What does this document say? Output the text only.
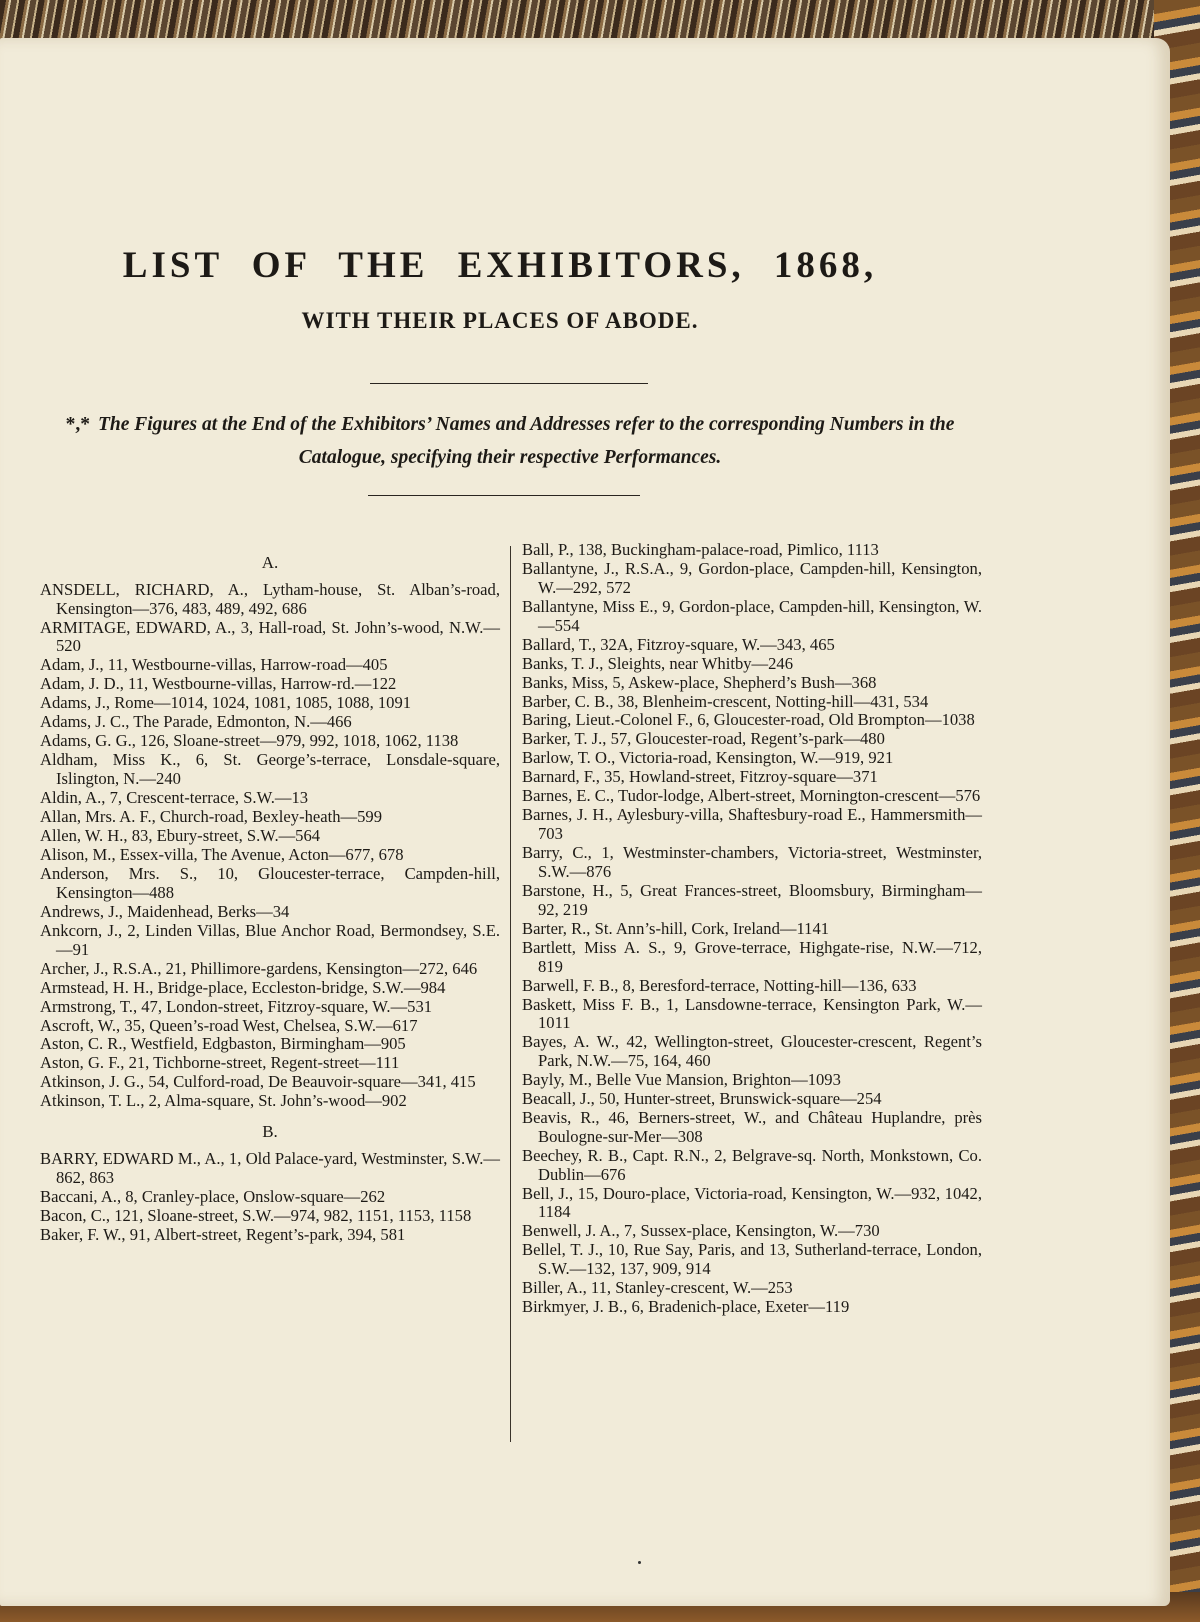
LIST OF THE EXHIBITORS, 1868,
WITH THEIR PLACES OF ABODE.
*,* The Figures at the End of the Exhibitors’ Names and Addresses refer to the corresponding Numbers in the Catalogue, specifying their respective Performances.
A.
ANSDELL, RICHARD, A., Lytham-house, St. Alban’s-road, Kensington—376, 483, 489, 492, 686
ARMITAGE, EDWARD, A., 3, Hall-road, St. John’s-wood, N.W.—520
Adam, J., 11, Westbourne-villas, Harrow-road—405
Adam, J. D., 11, Westbourne-villas, Harrow-rd.—122
Adams, J., Rome—1014, 1024, 1081, 1085, 1088, 1091
Adams, J. C., The Parade, Edmonton, N.—466
Adams, G. G., 126, Sloane-street—979, 992, 1018, 1062, 1138
Aldham, Miss K., 6, St. George’s-terrace, Lonsdale-square, Islington, N.—240
Aldin, A., 7, Crescent-terrace, S.W.—13
Allan, Mrs. A. F., Church-road, Bexley-heath—599
Allen, W. H., 83, Ebury-street, S.W.—564
Alison, M., Essex-villa, The Avenue, Acton—677, 678
Anderson, Mrs. S., 10, Gloucester-terrace, Campden-hill, Kensington—488
Andrews, J., Maidenhead, Berks—34
Ankcorn, J., 2, Linden Villas, Blue Anchor Road, Bermondsey, S.E.—91
Archer, J., R.S.A., 21, Phillimore-gardens, Kensington—272, 646
Armstead, H. H., Bridge-place, Eccleston-bridge, S.W.—984
Armstrong, T., 47, London-street, Fitzroy-square, W.—531
Ascroft, W., 35, Queen’s-road West, Chelsea, S.W.—617
Aston, C. R., Westfield, Edgbaston, Birmingham—905
Aston, G. F., 21, Tichborne-street, Regent-street—111
Atkinson, J. G., 54, Culford-road, De Beauvoir-square—341, 415
Atkinson, T. L., 2, Alma-square, St. John’s-wood—902
B.
BARRY, EDWARD M., A., 1, Old Palace-yard, Westminster, S.W.—862, 863
Baccani, A., 8, Cranley-place, Onslow-square—262
Bacon, C., 121, Sloane-street, S.W.—974, 982, 1151, 1153, 1158
Baker, F. W., 91, Albert-street, Regent’s-park, 394, 581
Ball, P., 138, Buckingham-palace-road, Pimlico, 1113
Ballantyne, J., R.S.A., 9, Gordon-place, Campden-hill, Kensington, W.—292, 572
Ballantyne, Miss E., 9, Gordon-place, Campden-hill, Kensington, W.—554
Ballard, T., 32A, Fitzroy-square, W.—343, 465
Banks, T. J., Sleights, near Whitby—246
Banks, Miss, 5, Askew-place, Shepherd’s Bush—368
Barber, C. B., 38, Blenheim-crescent, Notting-hill—431, 534
Baring, Lieut.-Colonel F., 6, Gloucester-road, Old Brompton—1038
Barker, T. J., 57, Gloucester-road, Regent’s-park—480
Barlow, T. O., Victoria-road, Kensington, W.—919, 921
Barnard, F., 35, Howland-street, Fitzroy-square—371
Barnes, E. C., Tudor-lodge, Albert-street, Mornington-crescent—576
Barnes, J. H., Aylesbury-villa, Shaftesbury-road E., Hammersmith—703
Barry, C., 1, Westminster-chambers, Victoria-street, Westminster, S.W.—876
Barstone, H., 5, Great Frances-street, Bloomsbury, Birmingham—92, 219
Barter, R., St. Ann’s-hill, Cork, Ireland—1141
Bartlett, Miss A. S., 9, Grove-terrace, Highgate-rise, N.W.—712, 819
Barwell, F. B., 8, Beresford-terrace, Notting-hill—136, 633
Baskett, Miss F. B., 1, Lansdowne-terrace, Kensington Park, W.—1011
Bayes, A. W., 42, Wellington-street, Gloucester-crescent, Regent’s Park, N.W.—75, 164, 460
Bayly, M., Belle Vue Mansion, Brighton—1093
Beacall, J., 50, Hunter-street, Brunswick-square—254
Beavis, R., 46, Berners-street, W., and Château Huplandre, près Boulogne-sur-Mer—308
Beechey, R. B., Capt. R.N., 2, Belgrave-sq. North, Monkstown, Co. Dublin—676
Bell, J., 15, Douro-place, Victoria-road, Kensington, W.—932, 1042, 1184
Benwell, J. A., 7, Sussex-place, Kensington, W.—730
Bellel, T. J., 10, Rue Say, Paris, and 13, Sutherland-terrace, London, S.W.—132, 137, 909, 914
Biller, A., 11, Stanley-crescent, W.—253
Birkmyer, J. B., 6, Bradenich-place, Exeter—119
